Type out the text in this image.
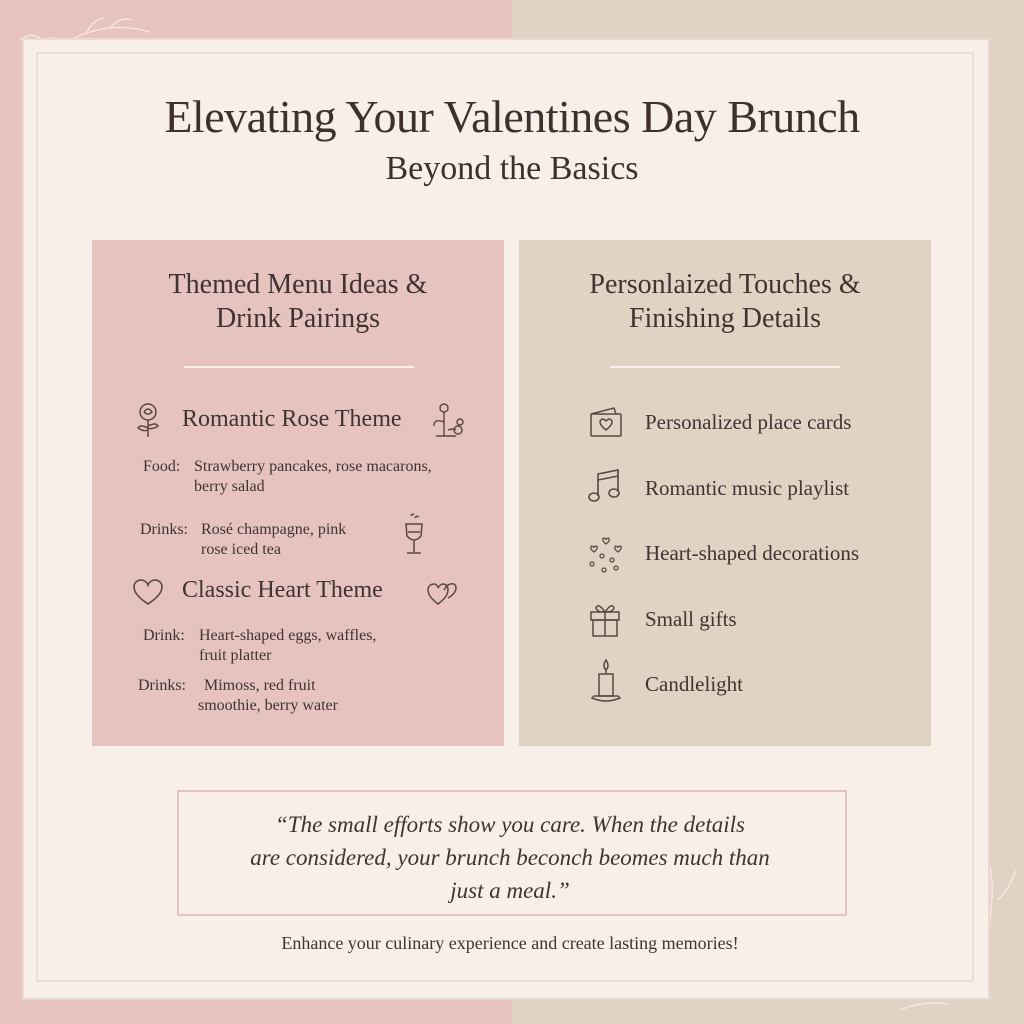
Elevating Your Valentines Day Brunch
Beyond the Basics
Themed Menu Ideas &
Drink Pairings
Romantic Rose Theme
Food: Strawberry pancakes, rose macarons,
berry salad
Drinks: Rosé champagne, pink
rose iced tea
Classic Heart Theme
Drink: Heart-shaped eggs, waffles,
fruit platter
Drinks: Mimoss, red fruit
smoothie, berry water
Personlaized Touches &
Finishing Details
Personalized place cards
Romantic music playlist
Heart-shaped decorations
Small gifts
Candlelight
“The small efforts show you care. When the details
are considered, your brunch beconch beomes much than
just a meal.”
Enhance your culinary experience and create lasting memories!
